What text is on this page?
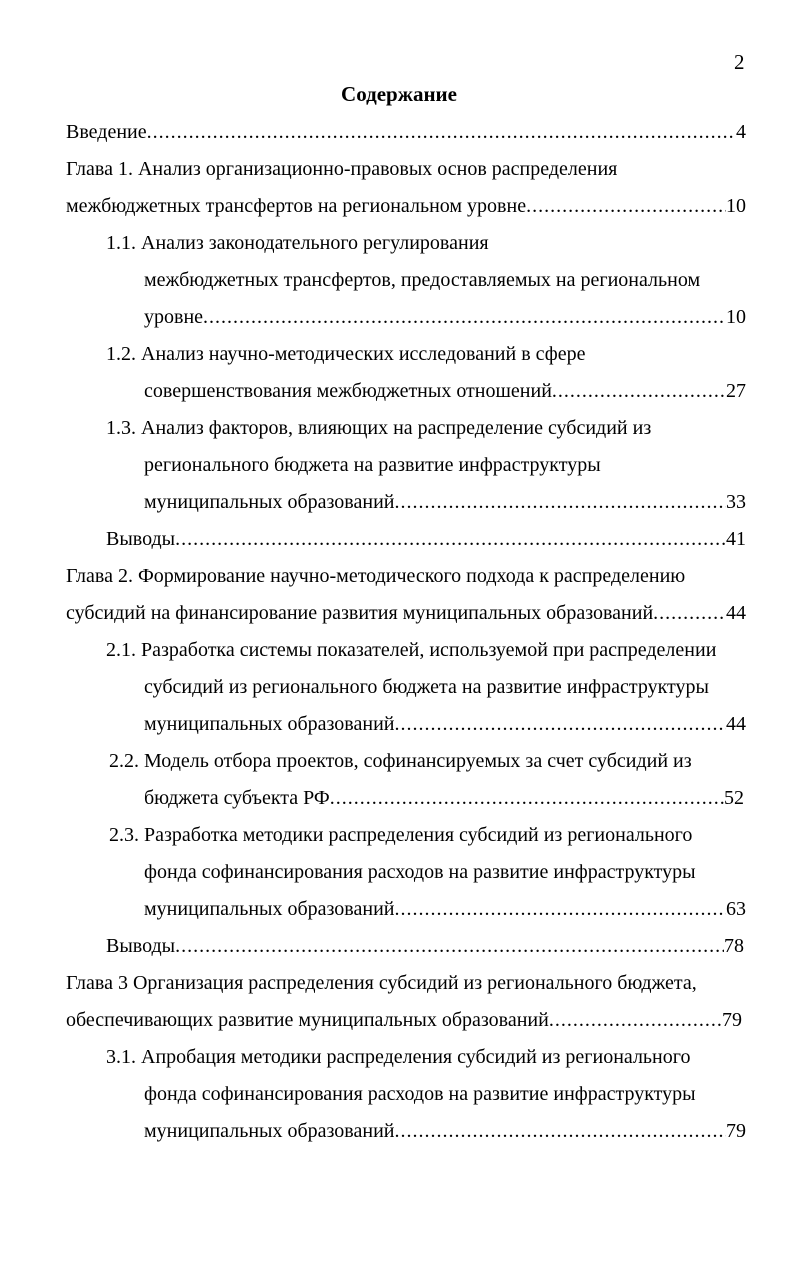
2
Содержание
Введение .....	4
Глава 1. Анализ организационно-правовых основ распределения
межбюджетных трансфертов на региональном уровне .....	10
1.1. Анализ законодательного регулирования
межбюджетных трансфертов, предоставляемых на региональном
уровне .....	10
1.2. Анализ научно-методических исследований в сфере
совершенствования межбюджетных отношений .....	27
1.3. Анализ факторов, влияющих на распределение субсидий из
регионального бюджета на развитие инфраструктуры
муниципальных образований .....	33
Выводы .....	41
Глава 2. Формирование научно-методического подхода к распределению
субсидий на финансирование развития муниципальных образований .....	44
2.1. Разработка системы показателей, используемой при распределении
субсидий из регионального бюджета на развитие инфраструктуры
муниципальных образований .....	44
2.2. Модель отбора проектов, софинансируемых за счет субсидий из
бюджета субъекта РФ .....	52
2.3. Разработка методики распределения субсидий из регионального
фонда софинансирования расходов на развитие инфраструктуры
муниципальных образований .....	63
Выводы .....	78
Глава 3 Организация распределения субсидий из регионального бюджета,
обеспечивающих развитие муниципальных образований .....	79
3.1. Апробация методики распределения субсидий из регионального
фонда софинансирования расходов на развитие инфраструктуры
муниципальных образований .....	79
